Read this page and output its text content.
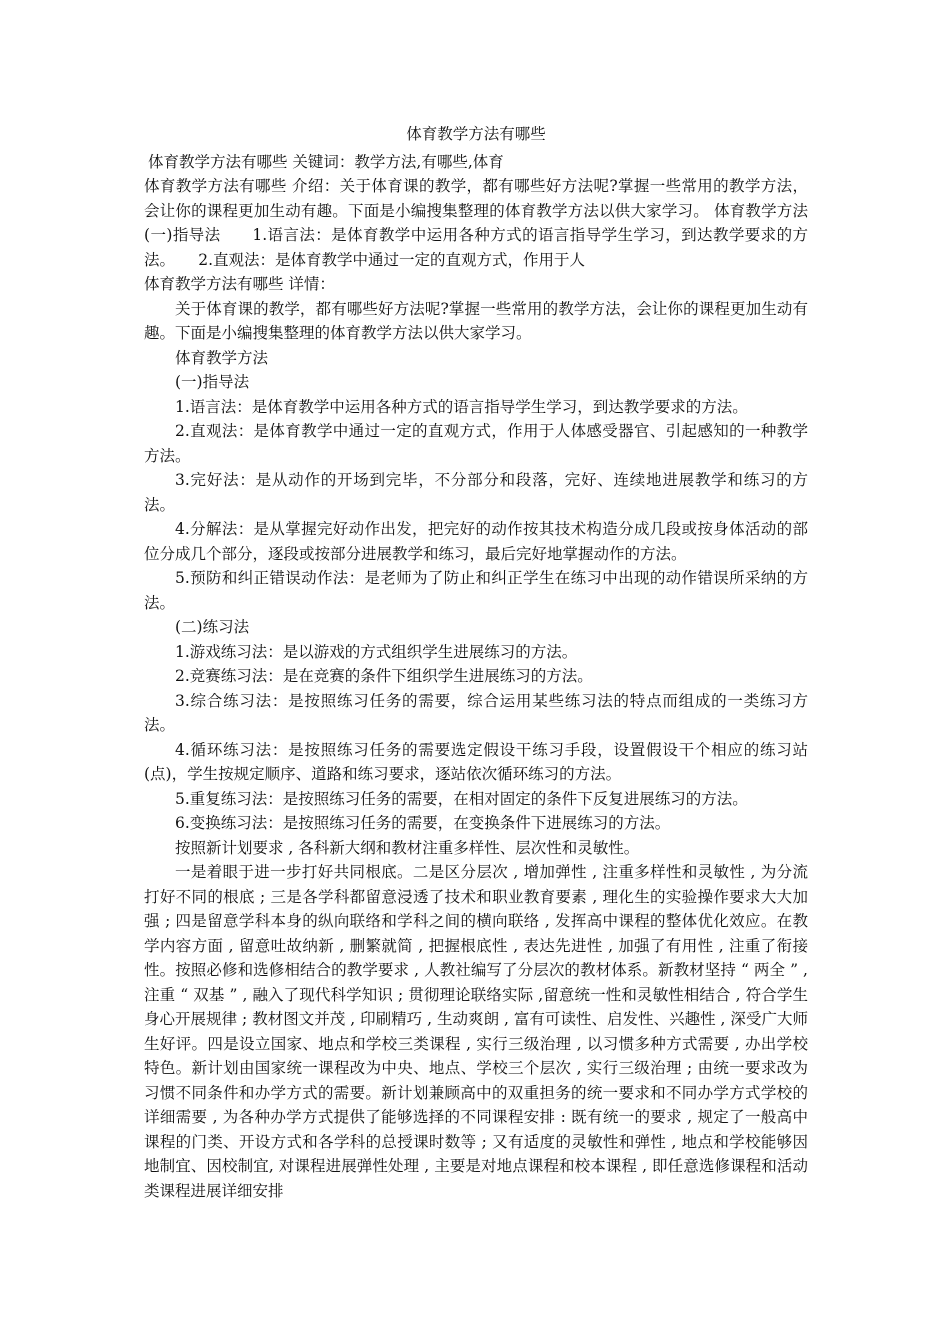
体育教学方法有哪些

体育教学方法有哪些 关键词：教学方法,有哪些,体育

体育教学方法有哪些 介绍：关于体育课的教学，都有哪些好方法呢?掌握一些常用的教学方法，会让你的课程更加生动有趣。下面是小编搜集整理的体育教学方法以供大家学习。 体育教学方法　　(一)指导法　　1.语言法：是体育教学中运用各种方式的语言指导学生学习，到达教学要求的方法。　　2.直观法：是体育教学中通过一定的直观方式，作用于人

体育教学方法有哪些 详情：

关于体育课的教学，都有哪些好方法呢?掌握一些常用的教学方法，会让你的课程更加生动有趣。下面是小编搜集整理的体育教学方法以供大家学习。

体育教学方法

(一)指导法

1.语言法：是体育教学中运用各种方式的语言指导学生学习，到达教学要求的方法。

2.直观法：是体育教学中通过一定的直观方式，作用于人体感受器官、引起感知的一种教学方法。

3.完好法：是从动作的开场到完毕，不分部分和段落，完好、连续地进展教学和练习的方法。

4.分解法：是从掌握完好动作出发，把完好的动作按其技术构造分成几段或按身体活动的部位分成几个部分，逐段或按部分进展教学和练习，最后完好地掌握动作的方法。

5.预防和纠正错误动作法：是老师为了防止和纠正学生在练习中出现的动作错误所采纳的方法。

(二)练习法

1.游戏练习法：是以游戏的方式组织学生进展练习的方法。

2.竞赛练习法：是在竞赛的条件下组织学生进展练习的方法。

3.综合练习法：是按照练习任务的需要，综合运用某些练习法的特点而组成的一类练习方法。

4.循环练习法：是按照练习任务的需要选定假设干练习手段，设置假设干个相应的练习站(点)，学生按规定顺序、道路和练习要求，逐站依次循环练习的方法。

5.重复练习法：是按照练习任务的需要，在相对固定的条件下反复进展练习的方法。

6.变换练习法：是按照练习任务的需要，在变换条件下进展练习的方法。

按照新计划要求 , 各科新大纲和教材注重多样性、层次性和灵敏性。

一是着眼于进一步打好共同根底。二是区分层次 , 增加弹性 , 注重多样性和灵敏性 , 为分流打好不同的根底 ; 三是各学科都留意浸透了技术和职业教育要素 , 理化生的实验操作要求大大加强 ; 四是留意学科本身的纵向联络和学科之间的横向联络 , 发挥高中课程的整体优化效应。在教学内容方面 , 留意吐故纳新 , 删繁就简 , 把握根底性 , 表达先进性 , 加强了有用性 , 注重了衔接性。按照必修和选修相结合的教学要求 , 人教社编写了分层次的教材体系。新教材坚持 “ 两全 ” , 注重 “ 双基 ” , 融入了现代科学知识 ; 贯彻理论联络实际 ,留意统一性和灵敏性相结合 , 符合学生身心开展规律 ; 教材图文并茂 , 印刷精巧 , 生动爽朗 , 富有可读性、启发性、兴趣性 , 深受广大师生好评。四是设立国家、地点和学校三类课程 , 实行三级治理 , 以习惯多种方式需要 , 办出学校特色。新计划由国家统一课程改为中央、地点、学校三个层次 , 实行三级治理 ; 由统一要求改为习惯不同条件和办学方式的需要。新计划兼顾高中的双重担务的统一要求和不同办学方式学校的详细需要 , 为各种办学方式提供了能够选择的不同课程安排 : 既有统一的要求 , 规定了一般高中课程的门类、开设方式和各学科的总授课时数等 ; 又有适度的灵敏性和弹性 , 地点和学校能够因地制宜、因校制宜, 对课程进展弹性处理 , 主要是对地点课程和校本课程 , 即任意选修课程和活动类课程进展详细安排
